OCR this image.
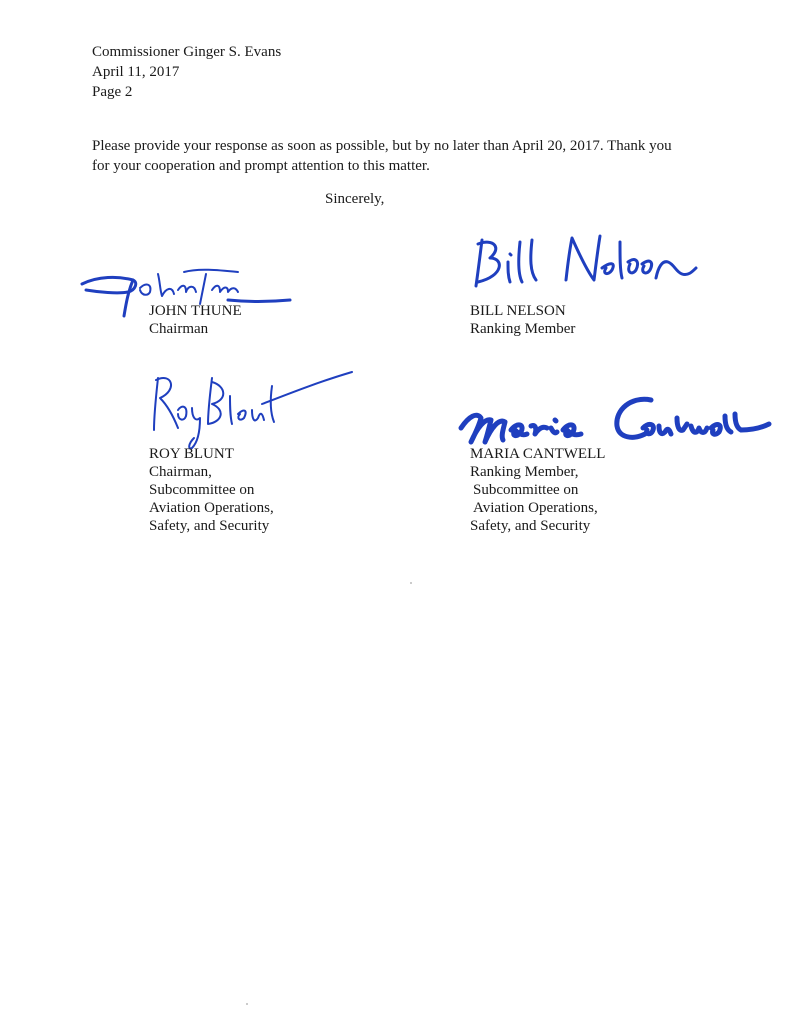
Commissioner Ginger S. Evans
April 11, 2017
Page 2
Please provide your response as soon as possible, but by no later than April 20, 2017. Thank you
for your cooperation and prompt attention to this matter.
Sincerely,
JOHN THUNE
Chairman
BILL NELSON
Ranking Member
ROY BLUNT
Chairman,
Subcommittee on
Aviation Operations,
Safety, and Security
MARIA CANTWELL
Ranking Member,
Subcommittee on
Aviation Operations,
Safety, and Security
